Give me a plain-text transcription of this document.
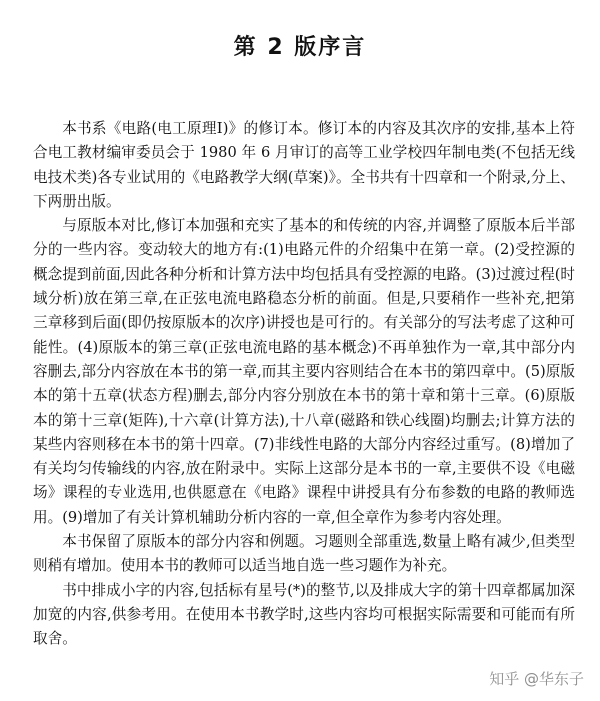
第 2 版序言

本书系《电路(电工原理Ⅰ)》的修订本。修订本的内容及其次序的安排,基本上符合电工教材编审委员会于 1980 年 6 月审订的高等工业学校四年制电类(不包括无线电技术类)各专业试用的《电路教学大纲(草案)》。全书共有十四章和一个附录,分上、下两册出版。

与原版本对比,修订本加强和充实了基本的和传统的内容,并调整了原版本后半部分的一些内容。变动较大的地方有:(1)电路元件的介绍集中在第一章。(2)受控源的概念提到前面,因此各种分析和计算方法中均包括具有受控源的电路。(3)过渡过程(时域分析)放在第三章,在正弦电流电路稳态分析的前面。但是,只要稍作一些补充,把第三章移到后面(即仍按原版本的次序)讲授也是可行的。有关部分的写法考虑了这种可能性。(4)原版本的第三章(正弦电流电路的基本概念)不再单独作为一章,其中部分内容删去,部分内容放在本书的第一章,而其主要内容则结合在本书的第四章中。(5)原版本的第十五章(状态方程)删去,部分内容分别放在本书的第十章和第十三章。(6)原版本的第十三章(矩阵),十六章(计算方法),十八章(磁路和铁心线圈)均删去;计算方法的某些内容则移在本书的第十四章。(7)非线性电路的大部分内容经过重写。(8)增加了有关均匀传输线的内容,放在附录中。实际上这部分是本书的一章,主要供不设《电磁场》课程的专业选用,也供愿意在《电路》课程中讲授具有分布参数的电路的教师选用。(9)增加了有关计算机辅助分析内容的一章,但全章作为参考内容处理。

本书保留了原版本的部分内容和例题。习题则全部重选,数量上略有减少,但类型则稍有增加。使用本书的教师可以适当地自选一些习题作为补充。

书中排成小字的内容,包括标有星号(*)的整节,以及排成大字的第十四章都属加深加宽的内容,供参考用。在使用本书教学时,这些内容均可根据实际需要和可能而有所取舍。

知乎 @华东子
